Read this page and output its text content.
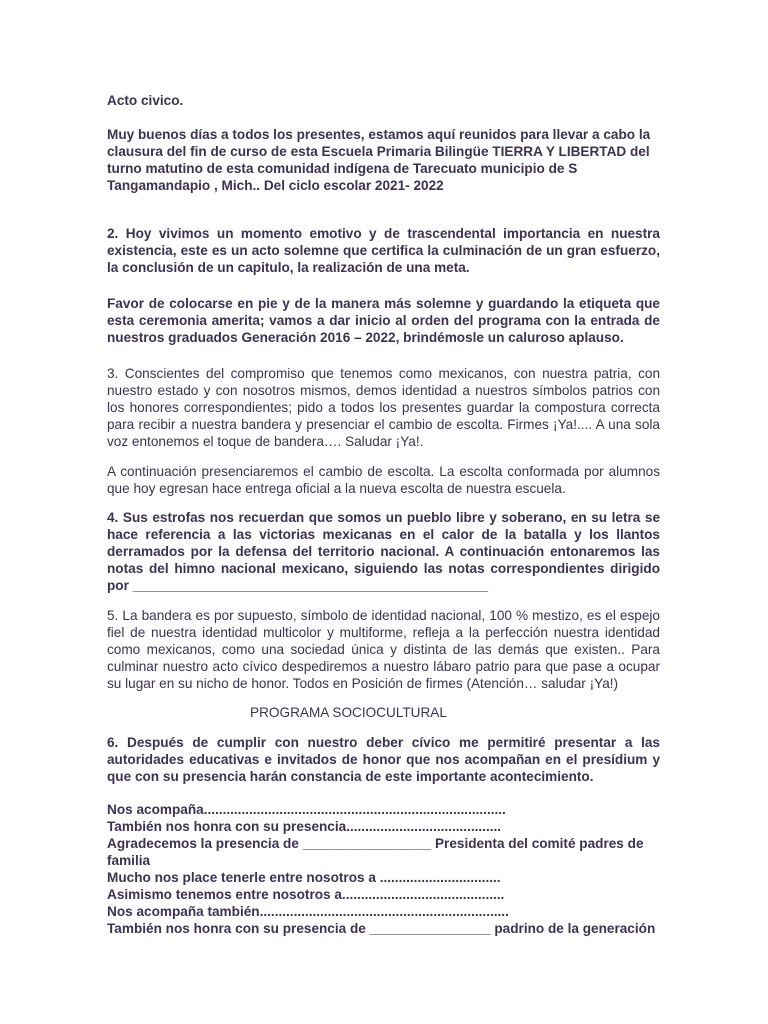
Acto civico.

Muy buenos días a todos los presentes, estamos aquí reunidos para llevar a cabo la clausura del fin de curso de esta Escuela Primaria Bilingüe TIERRA Y LIBERTAD del turno matutino de esta comunidad indígena de Tarecuato municipio de S Tangamandapio , Mich.. Del ciclo escolar 2021- 2022

2. Hoy vivimos un momento emotivo y de trascendental importancia en nuestra existencia, este es un acto solemne que certifica la culminación de un gran esfuerzo, la conclusión de un capitulo, la realización de una meta.

Favor de colocarse en pie y de la manera más solemne y guardando la etiqueta que esta ceremonia amerita; vamos a dar inicio al orden del programa con la entrada de nuestros graduados Generación 2016 – 2022, brindémosle un caluroso aplauso.

3. Conscientes del compromiso que tenemos como mexicanos, con nuestra patria, con nuestro estado y con nosotros mismos, demos identidad a nuestros símbolos patrios con los honores correspondientes; pido a todos los presentes guardar la compostura correcta para recibir a nuestra bandera y presenciar el cambio de escolta. Firmes ¡Ya!.... A una sola voz entonemos el toque de bandera…. Saludar ¡Ya!.

A continuación presenciaremos el cambio de escolta. La escolta conformada por alumnos que hoy egresan hace entrega oficial a la nueva escolta de nuestra escuela.

4. Sus estrofas nos recuerdan que somos un pueblo libre y soberano, en su letra se hace referencia a las victorias mexicanas en el calor de la batalla y los llantos derramados por la defensa del territorio nacional. A continuación entonaremos las notas del himno nacional mexicano, siguiendo las notas correspondientes dirigido por _______________________________________________

5. La bandera es por supuesto, símbolo de identidad nacional, 100 % mestizo, es el espejo fiel de nuestra identidad multicolor y multiforme, refleja a la perfección nuestra identidad como mexicanos, como una sociedad única y distinta de las demás que existen.. Para culminar nuestro acto cívico despediremos a nuestro lábaro patrio para que pase a ocupar su lugar en su nicho de honor. Todos en Posición de firmes (Atención… saludar ¡Ya!)

PROGRAMA SOCIOCULTURAL

6. Después de cumplir con nuestro deber cívico me permitiré presentar a las autoridades educativas e invitados de honor que nos acompañan en el presídium y que con su presencia harán constancia de este importante acontecimiento.

Nos acompaña................................................................................
También nos honra con su presencia.........................................
Agradecemos la presencia de _________________ Presidenta del comité padres de familia
Mucho nos place tenerle entre nosotros a ................................
Asimismo tenemos entre nosotros a...........................................
Nos acompaña también..................................................................
También nos honra con su presencia de ________________ padrino de la generación
